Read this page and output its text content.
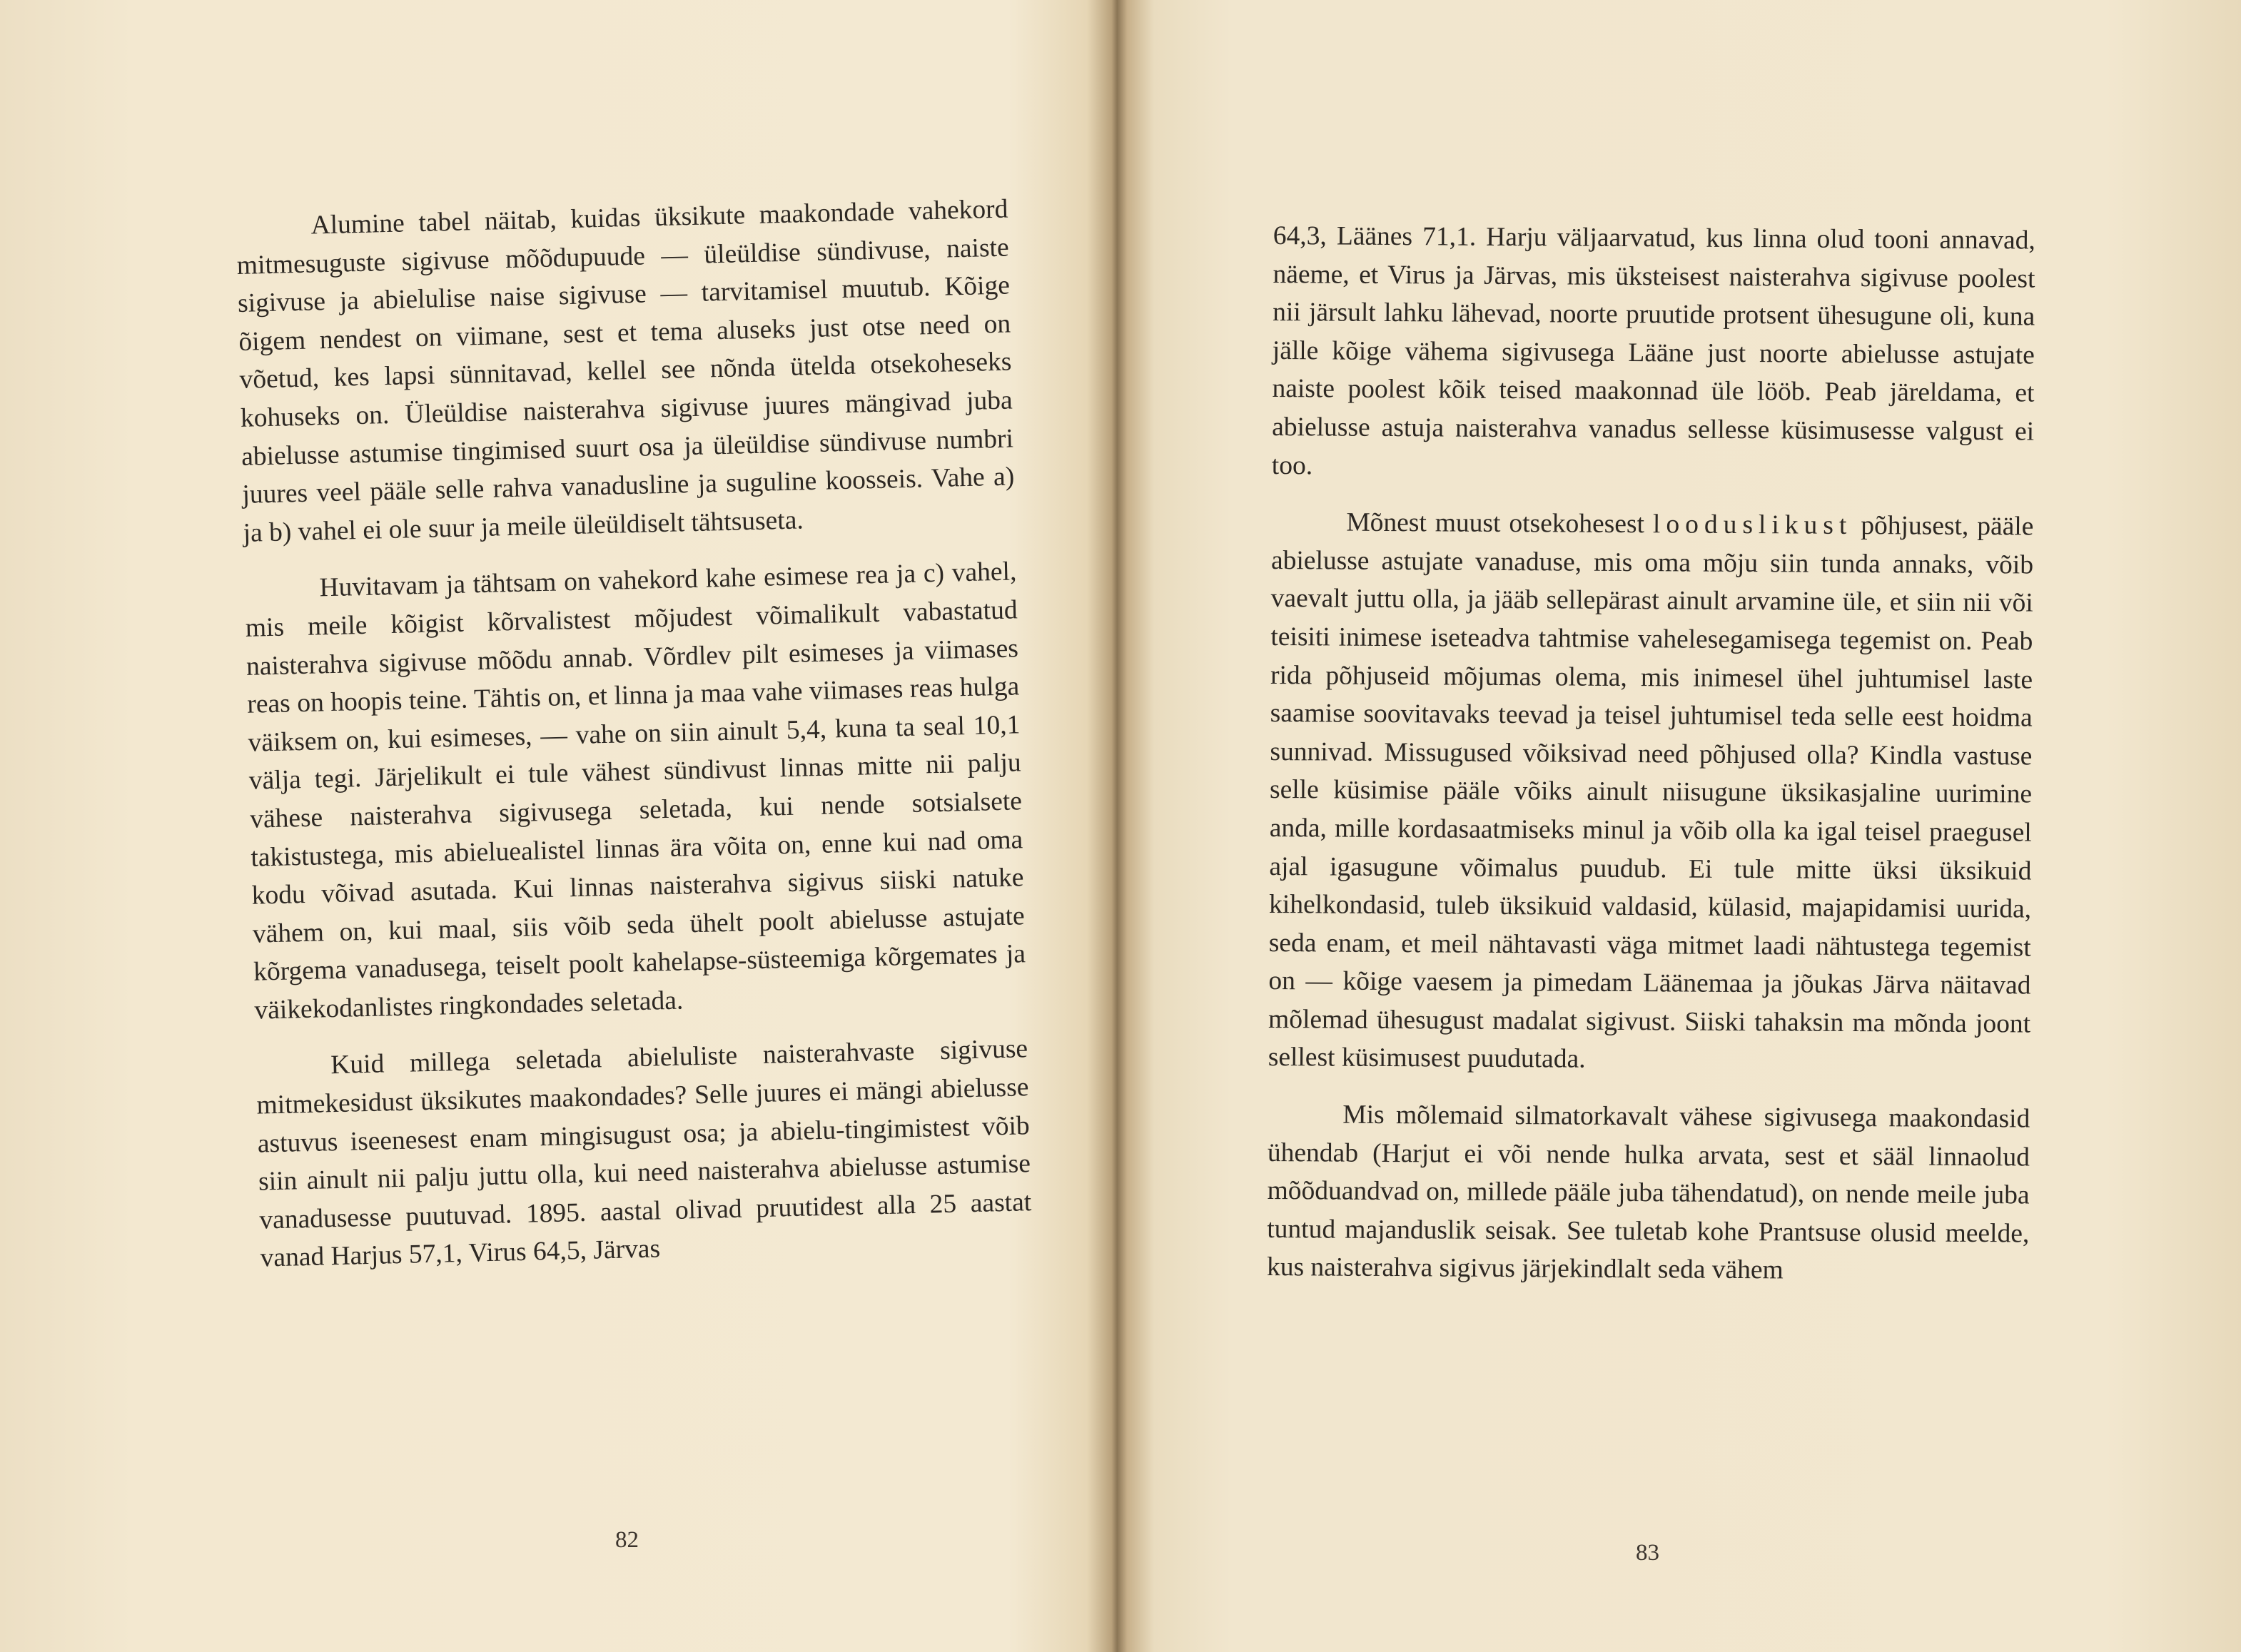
Alumine tabel näitab, kuidas üksikute maakondade vahekord mitmesuguste sigivuse mõõdupuude — üleüldise sündivuse, naiste sigivuse ja abielulise naise sigivuse — tarvitamisel muutub. Kõige õigem nendest on viimane, sest et tema aluseks just otse need on võetud, kes lapsi sünnitavad, kellel see nõnda ütelda otsekoheseks kohuseks on. Üleüldise naisterahva sigivuse juures mängivad juba abielusse astumise tingimised suurt osa ja üleüldise sündivuse numbri juures veel pääle selle rahva vanadusline ja suguline koosseis. Vahe a) ja b) vahel ei ole suur ja meile üleüldiselt tähtsuseta.

Huvitavam ja tähtsam on vahekord kahe esimese rea ja c) vahel, mis meile kõigist kõrvalistest mõjudest võimalikult vabastatud naisterahva sigivuse mõõdu annab. Võrdlev pilt esimeses ja viimases reas on hoopis teine. Tähtis on, et linna ja maa vahe viimases reas hulga väiksem on, kui esimeses, — vahe on siin ainult 5,4, kuna ta seal 10,1 välja tegi. Järjelikult ei tule vähest sündivust linnas mitte nii palju vähese naisterahva sigivusega seletada, kui nende sotsialsete takistustega, mis abieluealistel linnas ära võita on, enne kui nad oma kodu võivad asutada. Kui linnas naisterahva sigivus siiski natuke vähem on, kui maal, siis võib seda ühelt poolt abielusse astujate kõrgema vanadusega, teiselt poolt kahelapse-süsteemiga kõrgemates ja väikekodanlistes ringkondades seletada.

Kuid millega seletada abieluliste naisterahvaste sigivuse mitmekesidust üksikutes maakondades? Selle juures ei mängi abielusse astuvus iseenesest enam mingisugust osa; ja abielu-tingimistest võib siin ainult nii palju juttu olla, kui need naisterahva abielusse astumise vanadusesse puutuvad. 1895. aastal olivad pruutidest alla 25 aastat vanad Harjus 57,1, Virus 64,5, Järvas

82

64,3, Läänes 71,1. Harju väljaarvatud, kus linna olud tooni annavad, näeme, et Virus ja Järvas, mis üksteisest naisterahva sigivuse poolest nii järsult lahku lähevad, noorte pruutide protsent ühesugune oli, kuna jälle kõige vähema sigivusega Lääne just noorte abielusse astujate naiste poolest kõik teised maakonnad üle lööb. Peab järeldama, et abielusse astuja naisterahva vanadus sellesse küsimusesse valgust ei too.

Mõnest muust otsekohesest looduslikust põhjusest, pääle abielusse astujate vanaduse, mis oma mõju siin tunda annaks, võib vaevalt juttu olla, ja jääb sellepärast ainult arvamine üle, et siin nii või teisiti inimese iseteadva tahtmise vahelesegamisega tegemist on. Peab rida põhjuseid mõjumas olema, mis inimesel ühel juhtumisel laste saamise soovitavaks teevad ja teisel juhtumisel teda selle eest hoidma sunnivad. Missugused võiksivad need põhjused olla? Kindla vastuse selle küsimise pääle võiks ainult niisugune üksikasjaline uurimine anda, mille kordasaatmiseks minul ja võib olla ka igal teisel praegusel ajal igasugune võimalus puudub. Ei tule mitte üksi üksikuid kihelkondasid, tuleb üksikuid valdasid, külasid, majapidamisi uurida, seda enam, et meil nähtavasti väga mitmet laadi nähtustega tegemist on — kõige vaesem ja pimedam Läänemaa ja jõukas Järva näitavad mõlemad ühesugust madalat sigivust. Siiski tahaksin ma mõnda joont sellest küsimusest puudutada.

Mis mõlemaid silmatorkavalt vähese sigivusega maakondasid ühendab (Harjut ei või nende hulka arvata, sest et sääl linnaolud mõõduandvad on, millede pääle juba tähendatud), on nende meile juba tuntud majanduslik seisak. See tuletab kohe Prantsuse olusid meelde, kus naisterahva sigivus järjekindlalt seda vähem

83
